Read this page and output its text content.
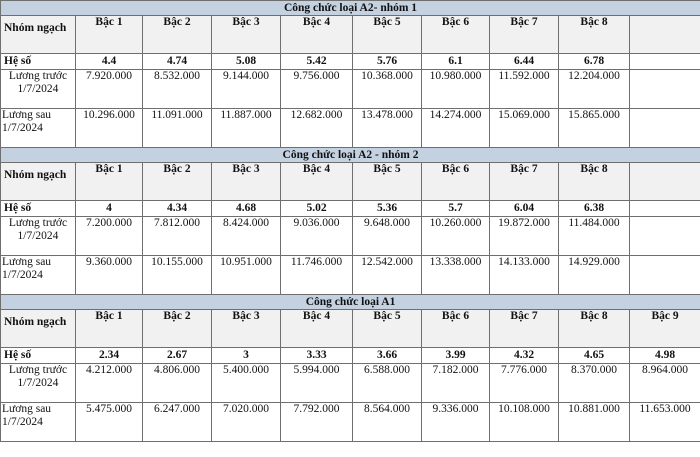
Công chức loại A2- nhóm 1									
Nhóm ngạch	Bậc 1	Bậc 2	Bậc 3	Bậc 4	Bậc 5	Bậc 6	Bậc 7	Bậc 8	
Hệ số	4.4	4.74	5.08	5.42	5.76	6.1	6.44	6.78	
Lương trước 1/7/2024	7.920.000	8.532.000	9.144.000	9.756.000	10.368.000	10.980.000	11.592.000	12.204.000	
Lương sau 1/7/2024	10.296.000	11.091.000	11.887.000	12.682.000	13.478.000	14.274.000	15.069.000	15.865.000	
Công chức loại A2 - nhóm 2									
Nhóm ngạch	Bậc 1	Bậc 2	Bậc 3	Bậc 4	Bậc 5	Bậc 6	Bậc 7	Bậc 8	
Hệ số	4	4.34	4.68	5.02	5.36	5.7	6.04	6.38	
Lương trước 1/7/2024	7.200.000	7.812.000	8.424.000	9.036.000	9.648.000	10.260.000	19.872.000	11.484.000	
Lương sau 1/7/2024	9.360.000	10.155.000	10.951.000	11.746.000	12.542.000	13.338.000	14.133.000	14.929.000	
Công chức loại A1									
Nhóm ngạch	Bậc 1	Bậc 2	Bậc 3	Bậc 4	Bậc 5	Bậc 6	Bậc 7	Bậc 8	Bậc 9
Hệ số	2.34	2.67	3	3.33	3.66	3.99	4.32	4.65	4.98
Lương trước 1/7/2024	4.212.000	4.806.000	5.400.000	5.994.000	6.588.000	7.182.000	7.776.000	8.370.000	8.964.000
Lương sau 1/7/2024	5.475.000	6.247.000	7.020.000	7.792.000	8.564.000	9.336.000	10.108.000	10.881.000	11.653.000
